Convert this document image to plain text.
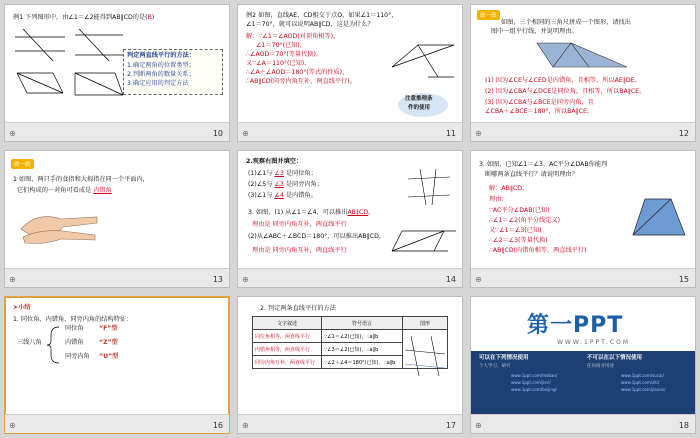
例1 下列图形中，由∠1＝∠2能得到AB∥CD的是(B)
判定两直线平行的方法：
1.确定两角的位置类型；
2.判断两角的数量关系；
3.确定应用的判定方法
⊕	10
例2 如图，直线AE，CD相交于点O，如果∠1＝110°，
∠1＝70°，就可以说明AB∥CD，这是为什么？
解：∵∠1＝∠AOD(对顶角相等)，
∠1＝70°(已知)，
∴∠AOD＝70°(等量代换)。
又∵∠A＝110°(已知)，
∴∠A＋∠AOD＝180°(等式的性质)，
∴AB∥CD(同旁内角互补，两直线平行)。
注意推理条
件的使用
⊕	11
做一做
如图，三个相同的三角尺拼成一个图形，请找出
图中一组平行线，并说明理由。
(1) 因为∠CE与∠CED是内错角，且相等，所以AE∥DE。
(2) 因为∠CBA与∠DCE是同位角，且相等，所以BA∥CE。
(3) 因为∠CBA与∠BCE是同旁内角，且
∠CBA＋∠BCE＝180°，所以BA∥CE。
⊕	12
做一做
1 如图，两只手的食指和大拇指在同一个平面内，
它们构成的一对角可看成是 内错角
⊕	13
2.观察右图并填空：
(1)∠1与 ∠3 是同位角；
(2)∠5与 ∠3 是同旁内角；
(3)∠1与 ∠4 是内错角。
3. 如图，(1) 从∠1＝∠4，可以推出AB∥CD，
理由是 同旁内角互补，两直线平行
(2)从∠ABC＋∠BCD＝180°，可以推出AB∥CD，
理由是 同旁内角互补，两直线平行
⊕	14
3. 如图，已知∠1＝∠3，AC平分∠DAB你能判
断哪两条直线平行？请说明理由？
解：AB∥CD。
理由：
∵AC平分∠DAB(已知)
∴∠1＝∠2(角平分线定义)
又∵∠1＝∠3(已知)
∴∠2＝∠3(等量代换)
∴AB∥CD(内错角相等，两直线平行)
⊕	15
➤小结
1. 同位角、内错角、同旁内角的结构特征：
三线八角
同位角 “F”型
内错角 “Z”型
同旁内角 “U”型
⊕	16
2. 判定两条直线平行的方法
文字叙述	符号语言	图形
同位角相等，两直线平行	∵∠1＝∠2(已知)，∴a∥b	

内错角相等，两直线平行	∵∠3＝∠2(已知)，∴a∥b	
同旁内角互补，两直线平行	∵∠2＋∠4＝180°(已知)，∴a∥b	
⊕	17
第一PPT
WWW.1PPT.COM
可以在下列情况使用	不可以在以下情况使用
个人学习、研究	任何商业用途
www.1ppt.com/moban/
www.1ppt.com/jieri/
www.1ppt.com/beijing/
www.1ppt.com/sucai/
www.1ppt.com/ziti/
www.1ppt.com/jiaoan/
⊕	18
